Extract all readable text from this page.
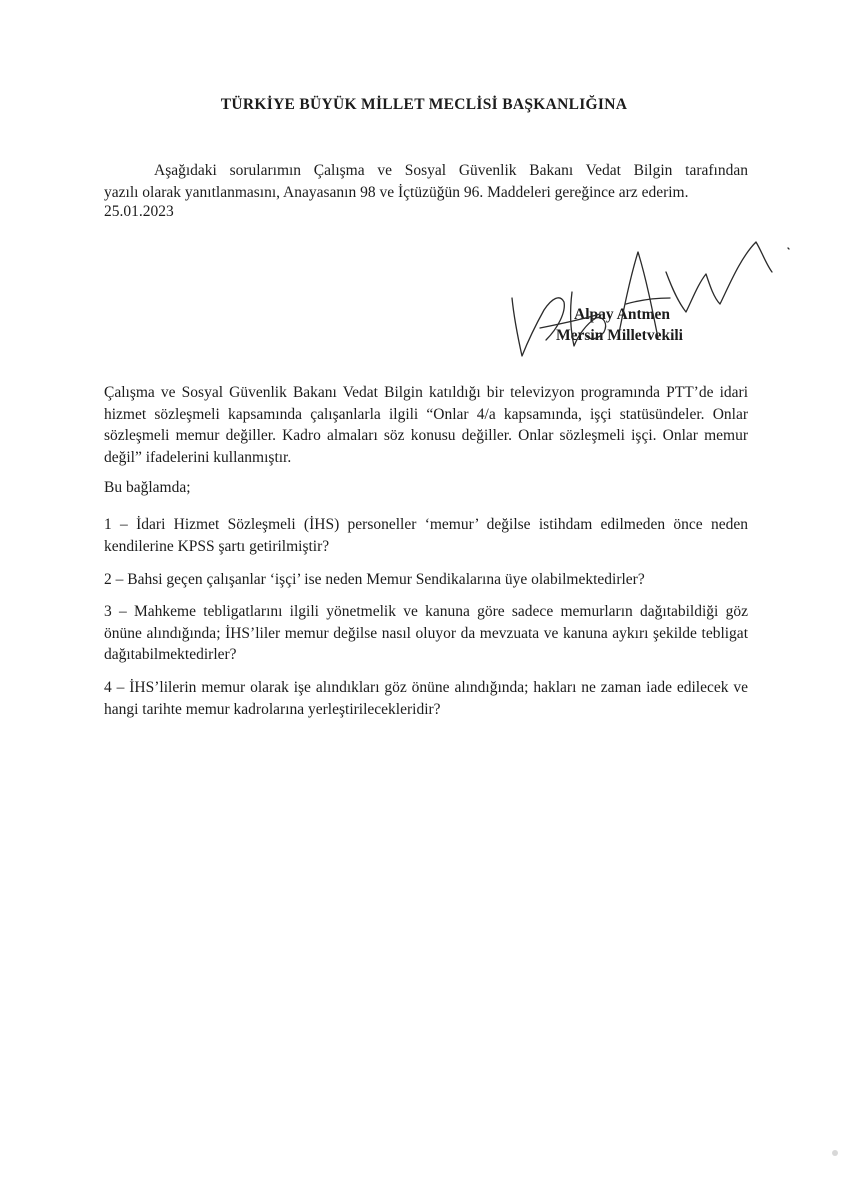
TÜRKİYE BÜYÜK MİLLET MECLİSİ BAŞKANLIĞINA
Aşağıdaki sorularımın Çalışma ve Sosyal Güvenlik Bakanı Vedat Bilgin tarafından
yazılı olarak yanıtlanmasını, Anayasanın 98 ve İçtüzüğün 96. Maddeleri gereğince arz ederim.
25.01.2023
Alpay Antmen
Mersin Milletvekili
Çalışma ve Sosyal Güvenlik Bakanı Vedat Bilgin katıldığı bir televizyon programında PTT’de idari hizmet sözleşmeli kapsamında çalışanlarla ilgili “Onlar 4/a kapsamında, işçi statüsündeler. Onlar sözleşmeli memur değiller. Kadro almaları söz konusu değiller. Onlar sözleşmeli işçi. Onlar memur değil” ifadelerini kullanmıştır.
Bu bağlamda;
1 – İdari Hizmet Sözleşmeli (İHS) personeller ‘memur’ değilse istihdam edilmeden önce neden kendilerine KPSS şartı getirilmiştir?
2 – Bahsi geçen çalışanlar ‘işçi’ ise neden Memur Sendikalarına üye olabilmektedirler?
3 – Mahkeme tebligatlarını ilgili yönetmelik ve kanuna göre sadece memurların dağıtabildiği göz önüne alındığında; İHS’liler memur değilse nasıl oluyor da mevzuata ve kanuna aykırı şekilde tebligat dağıtabilmektedirler?
4 – İHS’lilerin memur olarak işe alındıkları göz önüne alındığında; hakları ne zaman iade edilecek ve hangi tarihte memur kadrolarına yerleştirilecekleridir?
